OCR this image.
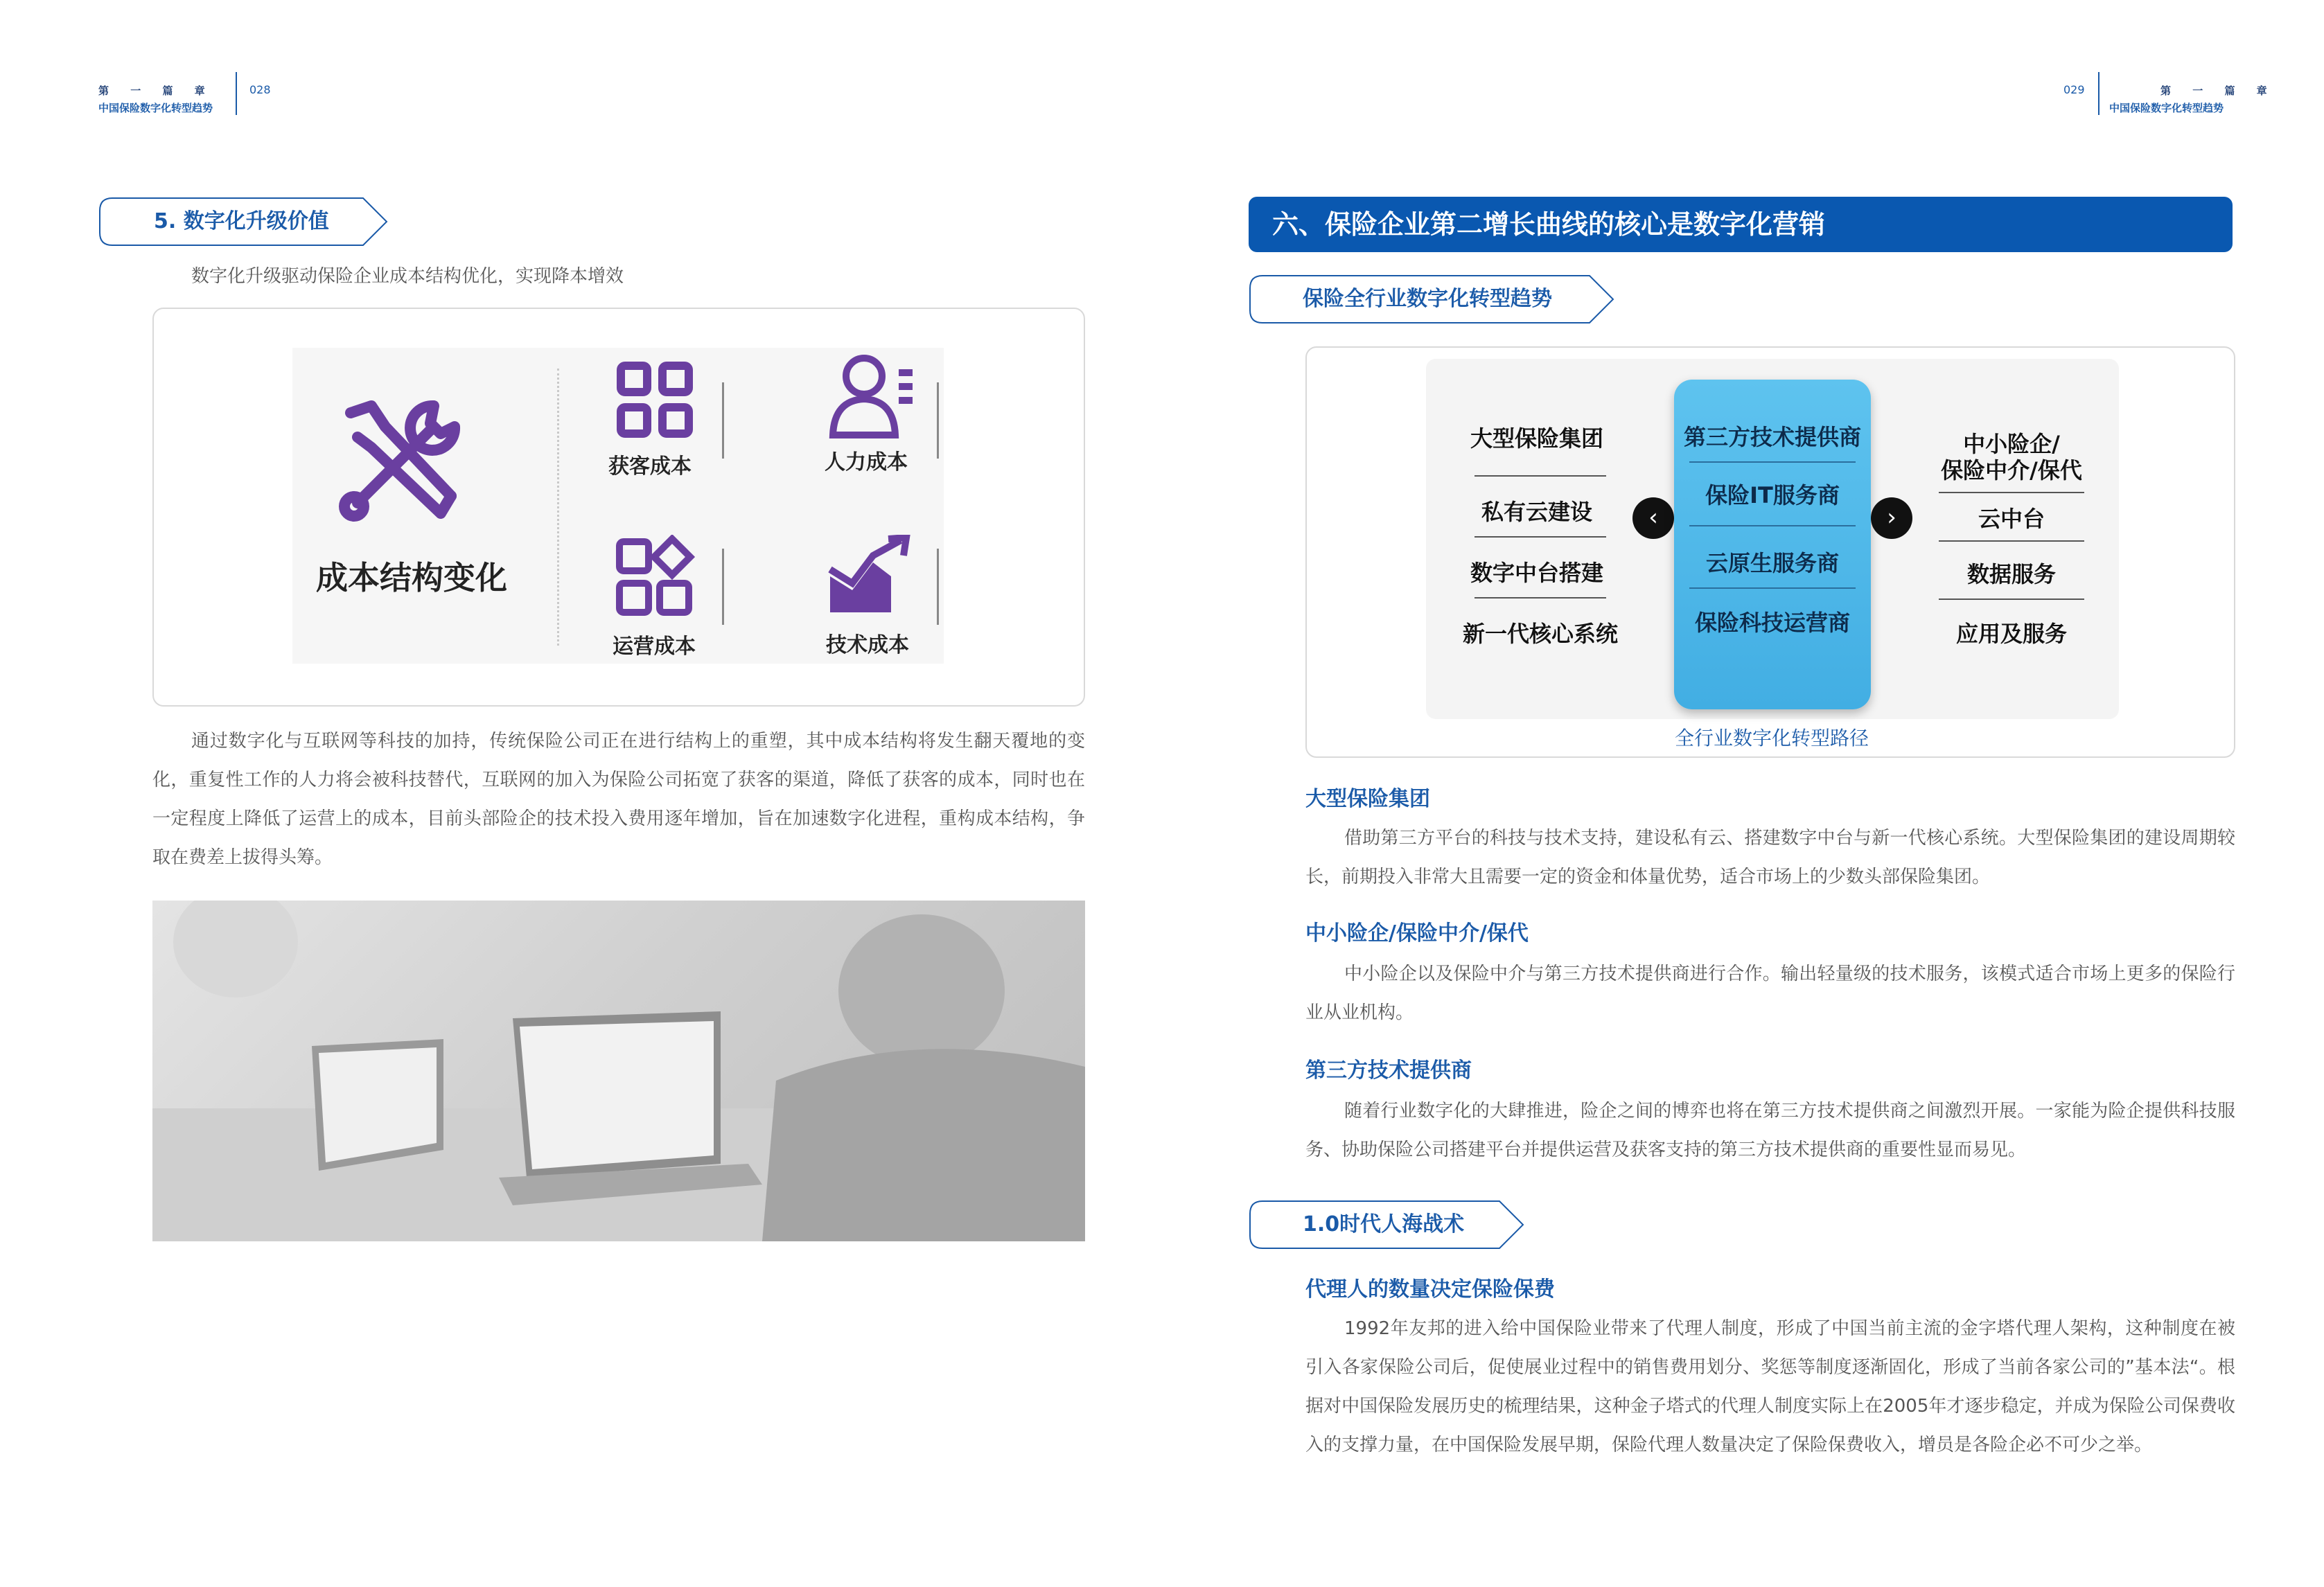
第 一 篇 章
中国保险数字化转型趋势
028	029	第 一 篇 章
中国保险数字化转型趋势
5. 数字化升级价值
数字化升级驱动保险企业成本结构优化，实现降本增效
成本结构变化
获客成本	人力成本
运营成本	技术成本

通过数字化与互联网等科技的加持，传统保险公司正在进行结构上的重塑，其中成本结构将发生翻天覆地的变化，重复性工作的人力将会被科技替代，互联网的加入为保险公司拓宽了获客的渠道，降低了获客的成本，同时也在一定程度上降低了运营上的成本，目前头部险企的技术投入费用逐年增加，旨在加速数字化进程，重构成本结构，争取在费差上拔得头筹。

六、保险企业第二增长曲线的核心是数字化营销
保险全行业数字化转型趋势
大型保险集团
私有云建设
数字中台搭建
新一代核心系统
‹
第三方技术提供商
保险IT服务商
云原生服务商
保险科技运营商
›
中小险企/
保险中介/保代
云中台
数据服务
应用及服务
全行业数字化转型路径
大型保险集团

借助第三方平台的科技与技术支持，建设私有云、搭建数字中台与新一代核心系统。大型保险集团的建设周期较长，前期投入非常大且需要一定的资金和体量优势，适合市场上的少数头部保险集团。

中小险企/保险中介/保代

中小险企以及保险中介与第三方技术提供商进行合作。输出轻量级的技术服务，该模式适合市场上更多的保险行业从业机构。

第三方技术提供商

随着行业数字化的大肆推进，险企之间的博弈也将在第三方技术提供商之间激烈开展。一家能为险企提供科技服务、协助保险公司搭建平台并提供运营及获客支持的第三方技术提供商的重要性显而易见。

1.0时代人海战术
代理人的数量决定保险保费

1992年友邦的进入给中国保险业带来了代理人制度，形成了中国当前主流的金字塔代理人架构，这种制度在被引入各家保险公司后，促使展业过程中的销售费用划分、奖惩等制度逐渐固化，形成了当前各家公司的”基本法“。根据对中国保险发展历史的梳理结果，这种金子塔式的代理人制度实际上在2005年才逐步稳定，并成为保险公司保费收入的支撑力量，在中国保险发展早期，保险代理人数量决定了保险保费收入，增员是各险企必不可少之举。
